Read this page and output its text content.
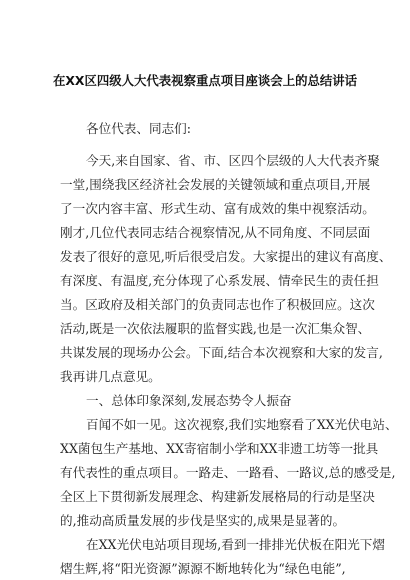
在XX区四级人大代表视察重点项目座谈会上的总结讲话
各位代表、同志们:
今天,来自国家、省、市、区四个层级的人大代表齐聚
一堂,围绕我区经济社会发展的关键领域和重点项目,开展
了一次内容丰富、形式生动、富有成效的集中视察活动。
刚才,几位代表同志结合视察情况,从不同角度、不同层面
发表了很好的意见,听后很受启发。大家提出的建议有高度、
有深度、有温度,充分体现了心系发展、情牵民生的责任担
当。区政府及相关部门的负责同志也作了积极回应。这次
活动,既是一次依法履职的监督实践,也是一次汇集众智、
共谋发展的现场办公会。下面,结合本次视察和大家的发言,
我再讲几点意见。
一、总体印象深刻,发展态势令人振奋
百闻不如一见。这次视察,我们实地察看了XX光伏电站、
XX菌包生产基地、XX寄宿制小学和XX非遗工坊等一批具
有代表性的重点项目。一路走、一路看、一路议,总的感受是,
全区上下贯彻新发展理念、构建新发展格局的行动是坚决
的,推动高质量发展的步伐是坚实的,成果是显著的。
在XX光伏电站项目现场,看到一排排光伏板在阳光下熠
熠生辉,将“阳光资源”源源不断地转化为“绿色电能”,
